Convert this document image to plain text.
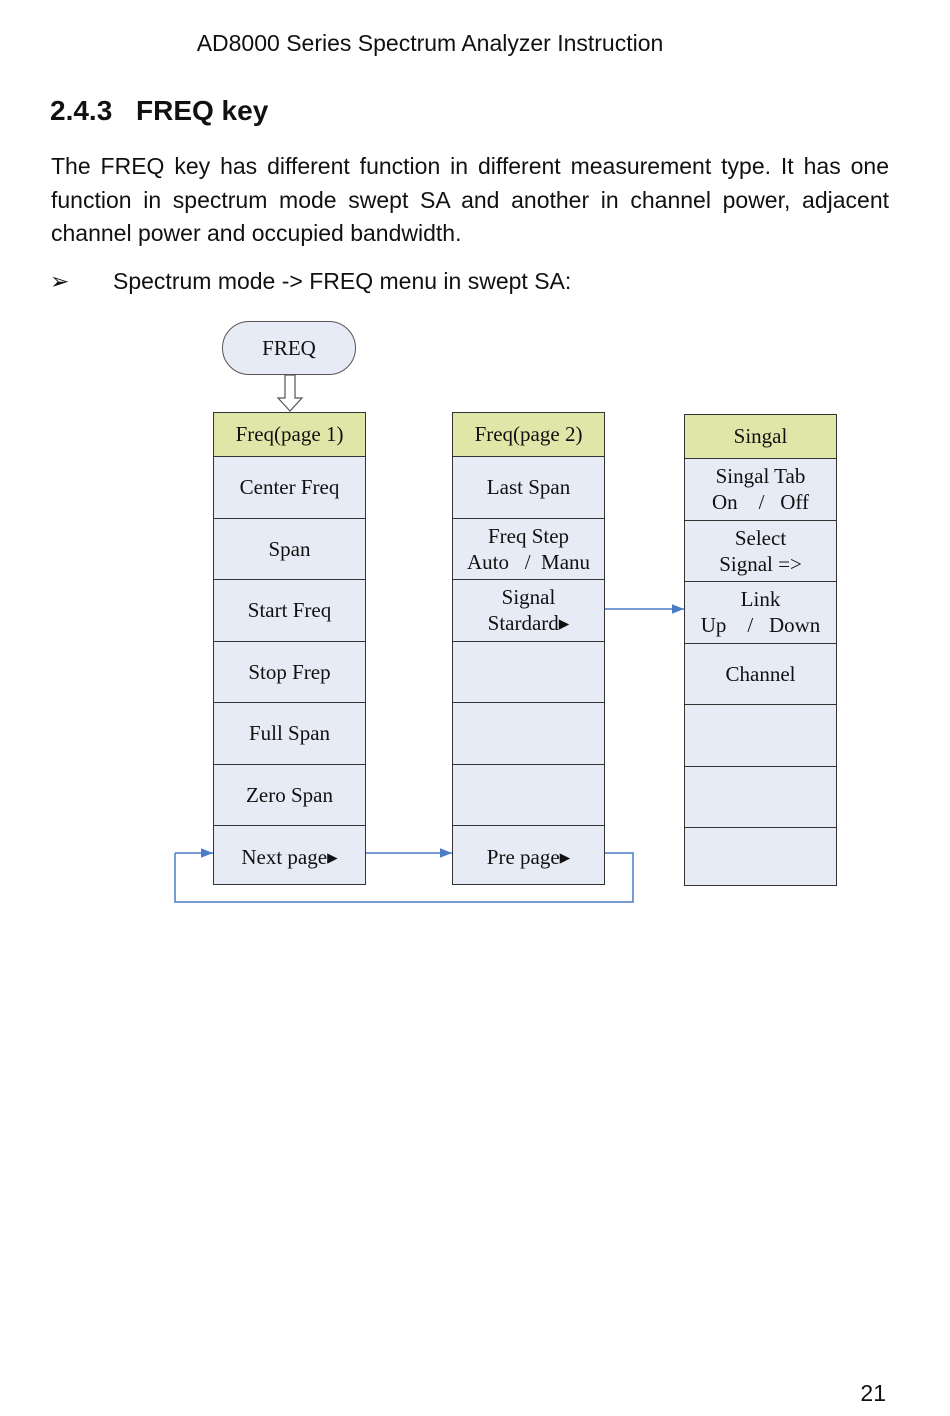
AD8000 Series Spectrum Analyzer Instruction
2.4.3 FREQ key
The FREQ key has different function in different measurement type. It has one function in spectrum mode swept SA and another in channel power, adjacent channel power and occupied bandwidth.
➢ Spectrum mode -> FREQ menu in swept SA:
FREQ
Freq(page 1)
Center Freq
Span
Start Freq
Stop Frep
Full Span
Zero Span
Next page▸
Freq(page 2)
Last Span
Freq Step
Auto   /  Manu
Signal
Stardard▸
Pre page▸
Singal
Singal Tab
On    /   Off
Select
Signal =>
Link
Up    /   Down
Channel
21
